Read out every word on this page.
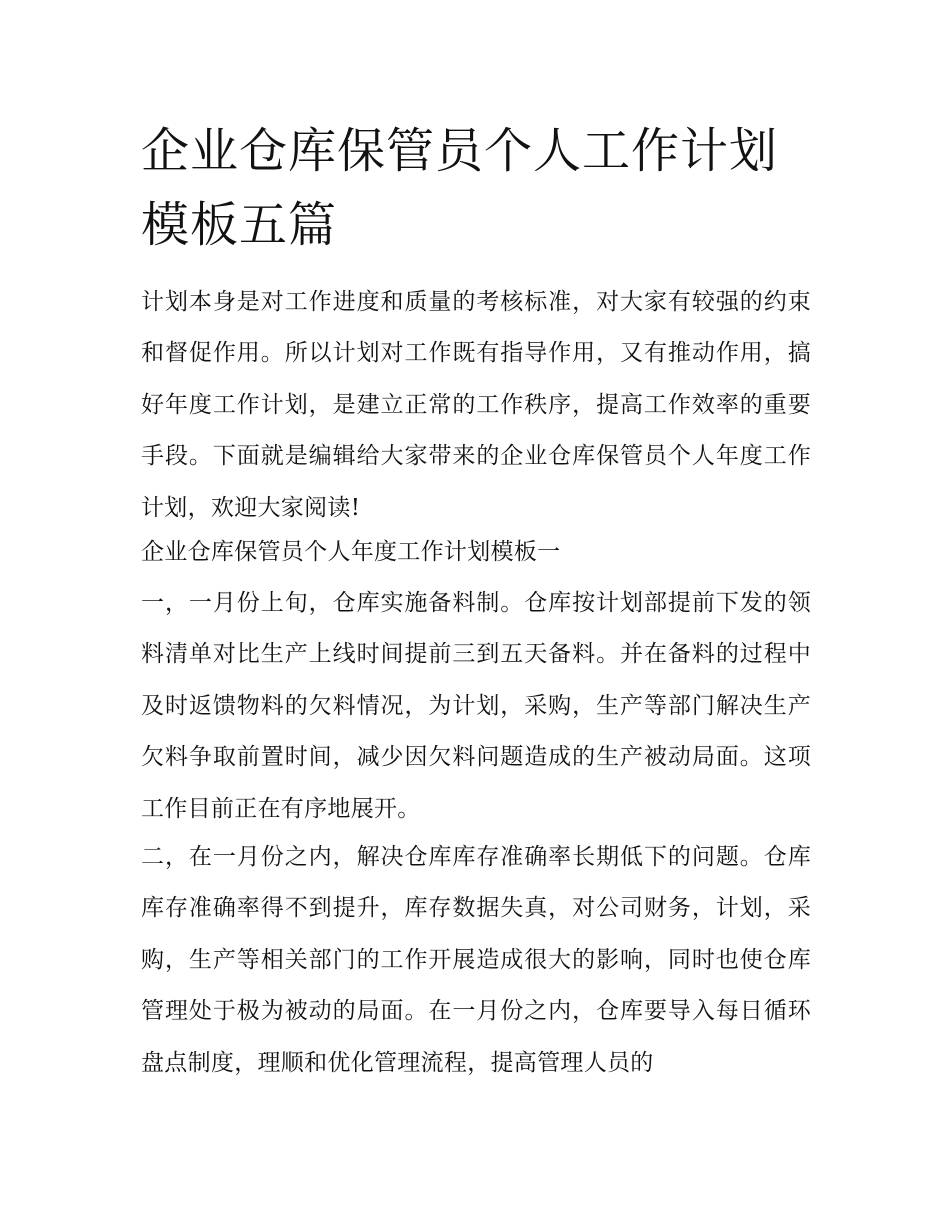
企业仓库保管员个人工作计划模板五篇

计划本身是对工作进度和质量的考核标准，对大家有较强的约束和督促作用。所以计划对工作既有指导作用，又有推动作用，搞好年度工作计划，是建立正常的工作秩序，提高工作效率的重要手段。下面就是编辑给大家带来的企业仓库保管员个人年度工作计划，欢迎大家阅读!

企业仓库保管员个人年度工作计划模板一

一，一月份上旬，仓库实施备料制。仓库按计划部提前下发的领料清单对比生产上线时间提前三到五天备料。并在备料的过程中及时返馈物料的欠料情况，为计划，采购，生产等部门解决生产欠料争取前置时间，减少因欠料问题造成的生产被动局面。这项工作目前正在有序地展开。

二，在一月份之内，解决仓库库存准确率长期低下的问题。仓库库存准确率得不到提升，库存数据失真，对公司财务，计划，采购，生产等相关部门的工作开展造成很大的影响，同时也使仓库管理处于极为被动的局面。在一月份之内，仓库要导入每日循环盘点制度，理顺和优化管理流程，提高管理人员的
